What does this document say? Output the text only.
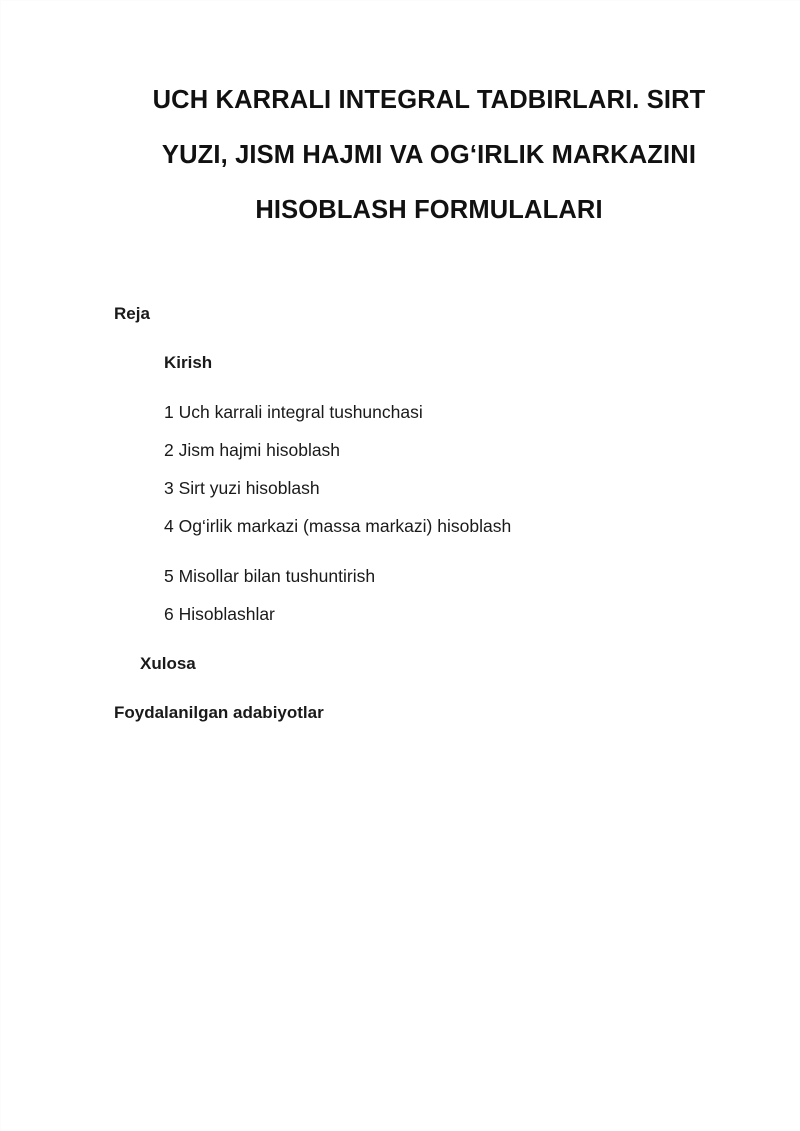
UCH KARRALI INTEGRAL TADBIRLARI. SIRT
YUZI, JISM HAJMI VA OG‘IRLIK MARKAZINI
HISOBLASH FORMULALARI
Reja
Kirish
1 Uch karrali integral tushunchasi
2 Jism hajmi hisoblash
3 Sirt yuzi hisoblash
4 Og‘irlik markazi (massa markazi) hisoblash
5 Misollar bilan tushuntirish
6 Hisoblashlar
Xulosa
Foydalanilgan adabiyotlar
